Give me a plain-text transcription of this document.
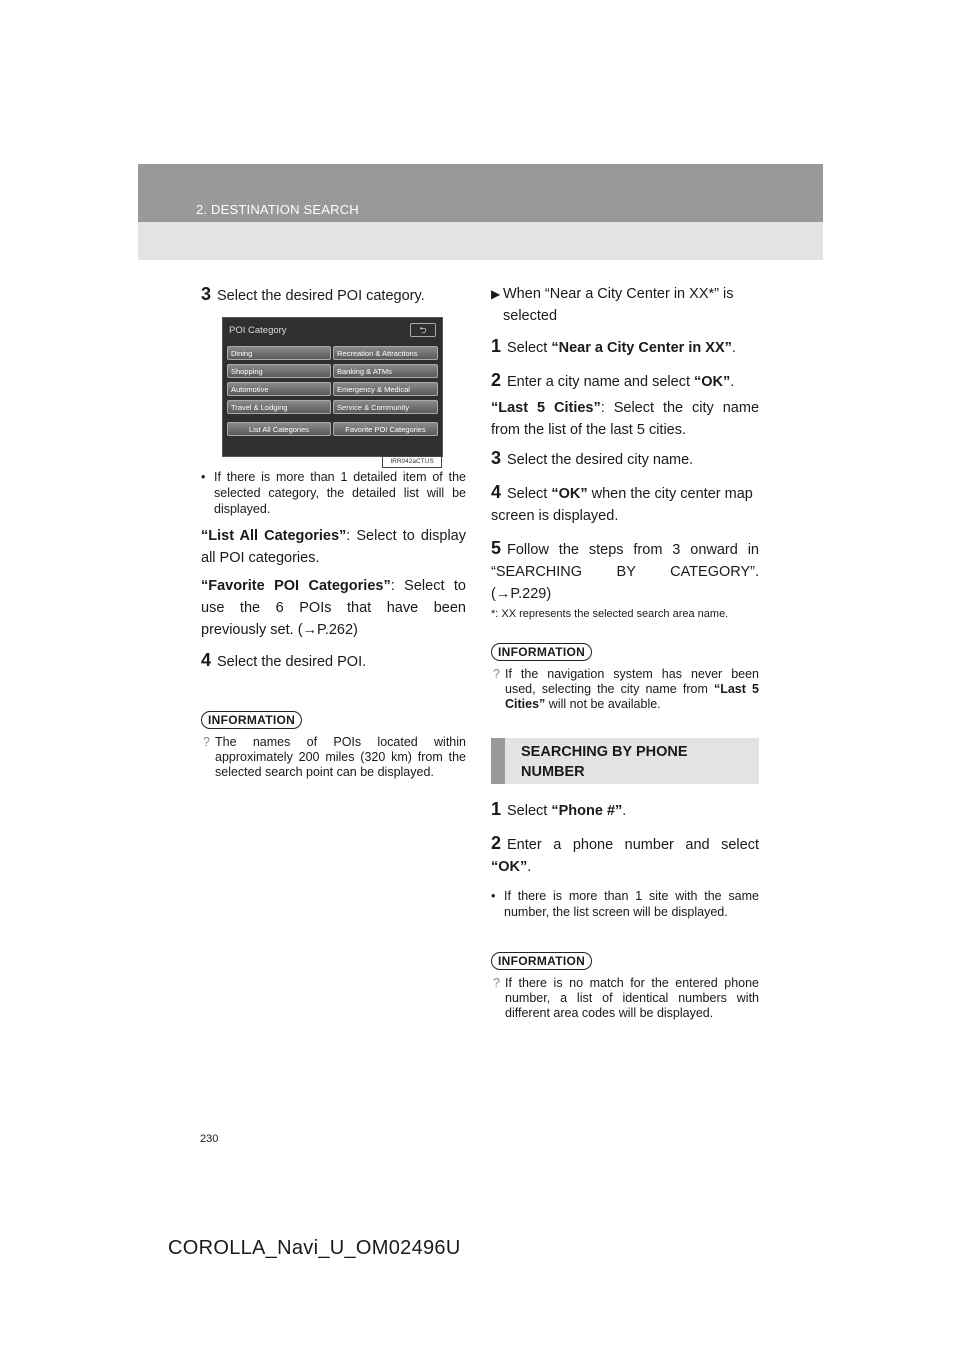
2. DESTINATION SEARCH
3 Select the desired POI category.
POI Category	⮌
Dining	Recreation & Attractions
Shopping	Banking & ATMs
Automotive	Emergency & Medical
Travel & Lodging	Service & Community
List All Categories	Favorite POI Categories
IRR042aCTUS
• If there is more than 1 detailed item of the selected category, the detailed list will be displayed.
“List All Categories”: Select to display all POI categories.
“Favorite POI Categories”: Select to use the 6 POIs that have been previously set. (→P.262)
4 Select the desired POI.
INFORMATION
? The names of POIs located within approximately 200 miles (320 km) from the selected search point can be displayed.
▶ When “Near a City Center in XX*” is selected
1 Select “Near a City Center in XX”.
2 Enter a city name and select “OK”.
“Last 5 Cities”: Select the city name from the list of the last 5 cities.
3 Select the desired city name.
4 Select “OK” when the city center map screen is displayed.
5 Follow the steps from 3 onward in “SEARCHING BY CATEGORY”. (→P.229)
*: XX represents the selected search area name.
INFORMATION
? If the navigation system has never been used, selecting the city name from “Last 5 Cities” will not be available.
SEARCHING BY PHONE NUMBER
1 Select “Phone #”.
2 Enter a phone number and select “OK”.
• If there is more than 1 site with the same number, the list screen will be displayed.
INFORMATION
? If there is no match for the entered phone number, a list of identical numbers with different area codes will be displayed.
230
COROLLA_Navi_U_OM02496U
